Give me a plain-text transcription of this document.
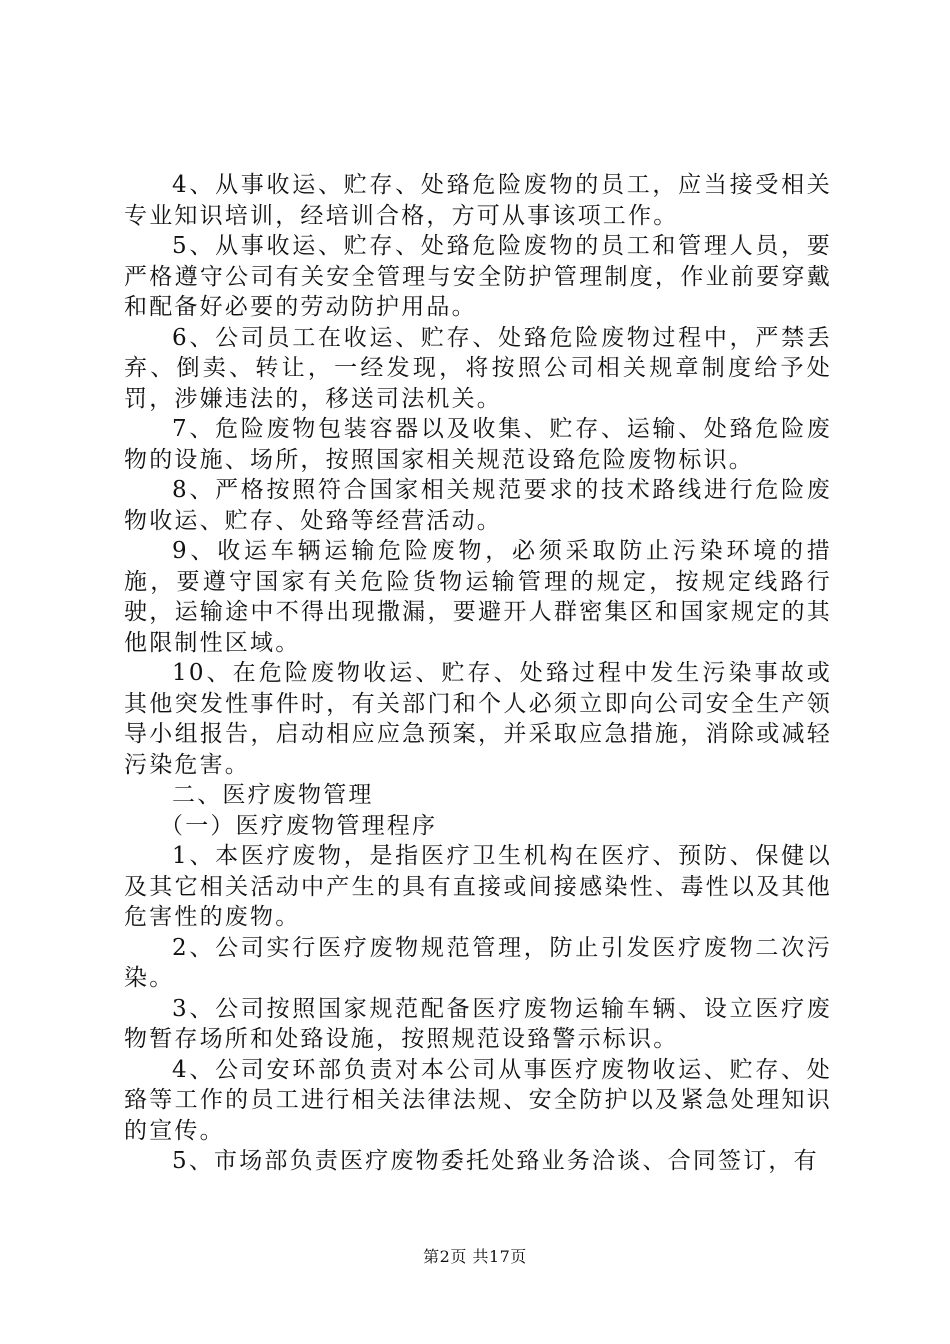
4、从事收运、贮存、处臵危险废物的员工，应当接受相关专业知识培训，经培训合格，方可从事该项工作。

5、从事收运、贮存、处臵危险废物的员工和管理人员，要严格遵守公司有关安全管理与安全防护管理制度，作业前要穿戴和配备好必要的劳动防护用品。

6、公司员工在收运、贮存、处臵危险废物过程中，严禁丢弃、倒卖、转让，一经发现，将按照公司相关规章制度给予处罚，涉嫌违法的，移送司法机关。

7、危险废物包装容器以及收集、贮存、运输、处臵危险废物的设施、场所，按照国家相关规范设臵危险废物标识。

8、严格按照符合国家相关规范要求的技术路线进行危险废物收运、贮存、处臵等经营活动。

9、收运车辆运输危险废物，必须采取防止污染环境的措施，要遵守国家有关危险货物运输管理的规定，按规定线路行驶，运输途中不得出现撒漏，要避开人群密集区和国家规定的其他限制性区域。

10、在危险废物收运、贮存、处臵过程中发生污染事故或其他突发性事件时，有关部门和个人必须立即向公司安全生产领导小组报告，启动相应应急预案，并采取应急措施，消除或减轻污染危害。

二、医疗废物管理

（一）医疗废物管理程序

1、本医疗废物，是指医疗卫生机构在医疗、预防、保健以及其它相关活动中产生的具有直接或间接感染性、毒性以及其他危害性的废物。

2、公司实行医疗废物规范管理，防止引发医疗废物二次污染。

3、公司按照国家规范配备医疗废物运输车辆、设立医疗废物暂存场所和处臵设施，按照规范设臵警示标识。

4、公司安环部负责对本公司从事医疗废物收运、贮存、处臵等工作的员工进行相关法律法规、安全防护以及紧急处理知识的宣传。

5、市场部负责医疗废物委托处臵业务洽谈、合同签订，有

第2页 共17页
